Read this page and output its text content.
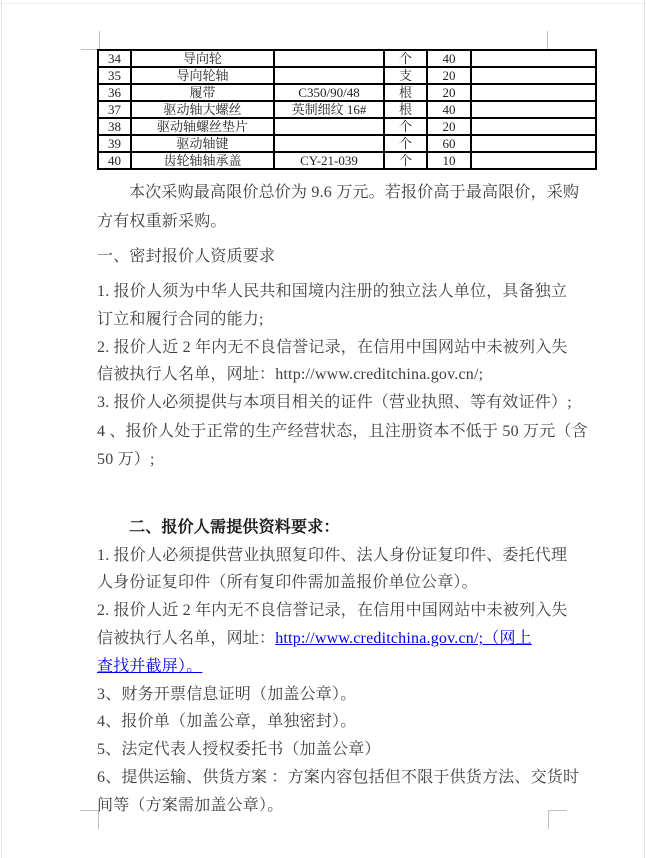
34	导向轮		个	40	
35	导向轮轴		支	20	
36	履带	C350/90/48	根	20	
37	驱动轴大螺丝	英制细纹 16#	根	40	
38	驱动轴螺丝垫片		个	20	
39	驱动轴键		个	60	
40	齿轮轴轴承盖	CY-21-039	个	10	
本次采购最高限价总价为 9.6 万元。若报价高于最高限价，采购
方有权重新采购。
一、密封报价人资质要求
1. 报价人须为中华人民共和国境内注册的独立法人单位，具备独立
订立和履行合同的能力;
2. 报价人近 2 年内无不良信誉记录，在信用中国网站中未被列入失
信被执行人名单，网址：http://www.creditchina.gov.cn/;
3. 报价人必须提供与本项目相关的证件（营业执照、等有效证件）;
4 、报价人处于正常的生产经营状态，且注册资本不低于 50 万元（含
50 万）;
二、报价人需提供资料要求：
1. 报价人必须提供营业执照复印件、法人身份证复印件、委托代理
人身份证复印件（所有复印件需加盖报价单位公章）。
2. 报价人近 2 年内无不良信誉记录，在信用中国网站中未被列入失
信被执行人名单，网址：http://www.creditchina.gov.cn/;（网上
查找并截屏）。
3、财务开票信息证明（加盖公章）。
4、报价单（加盖公章，单独密封）。
5、法定代表人授权委托书（加盖公章）
6、提供运输、供货方案 ：方案内容包括但不限于供货方法、交货时
间等（方案需加盖公章）。
